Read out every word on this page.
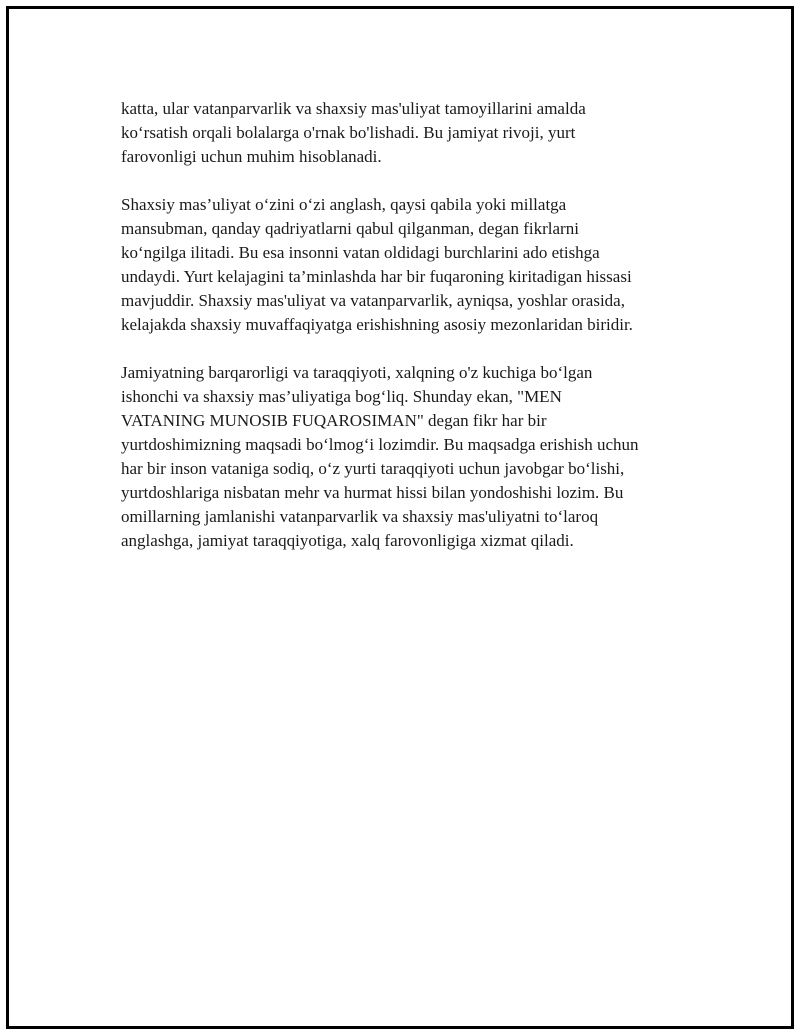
katta, ular vatanparvarlik va shaxsiy mas'uliyat tamoyillarini amalda
ko‘rsatish orqali bolalarga o'rnak bo'lishadi. Bu jamiyat rivoji, yurt
farovonligi uchun muhim hisoblanadi.

Shaxsiy mas’uliyat o‘zini o‘zi anglash, qaysi qabila yoki millatga
mansubman, qanday qadriyatlarni qabul qilganman, degan fikrlarni
ko‘ngilga ilitadi. Bu esa insonni vatan oldidagi burchlarini ado etishga
undaydi. Yurt kelajagini ta’minlashda har bir fuqaroning kiritadigan hissasi
mavjuddir. Shaxsiy mas'uliyat va vatanparvarlik, ayniqsa, yoshlar orasida,
kelajakda shaxsiy muvaffaqiyatga erishishning asosiy mezonlaridan biridir.

Jamiyatning barqarorligi va taraqqiyoti, xalqning o'z kuchiga bo‘lgan
ishonchi va shaxsiy mas’uliyatiga bog‘liq. Shunday ekan, "MEN
VATANING MUNOSIB FUQAROSIMAN" degan fikr har bir
yurtdoshimizning maqsadi bo‘lmog‘i lozimdir. Bu maqsadga erishish uchun
har bir inson vataniga sodiq, o‘z yurti taraqqiyoti uchun javobgar bo‘lishi,
yurtdoshlariga nisbatan mehr va hurmat hissi bilan yondoshishi lozim. Bu
omillarning jamlanishi vatanparvarlik va shaxsiy mas'uliyatni to‘laroq
anglashga, jamiyat taraqqiyotiga, xalq farovonligiga xizmat qiladi.
